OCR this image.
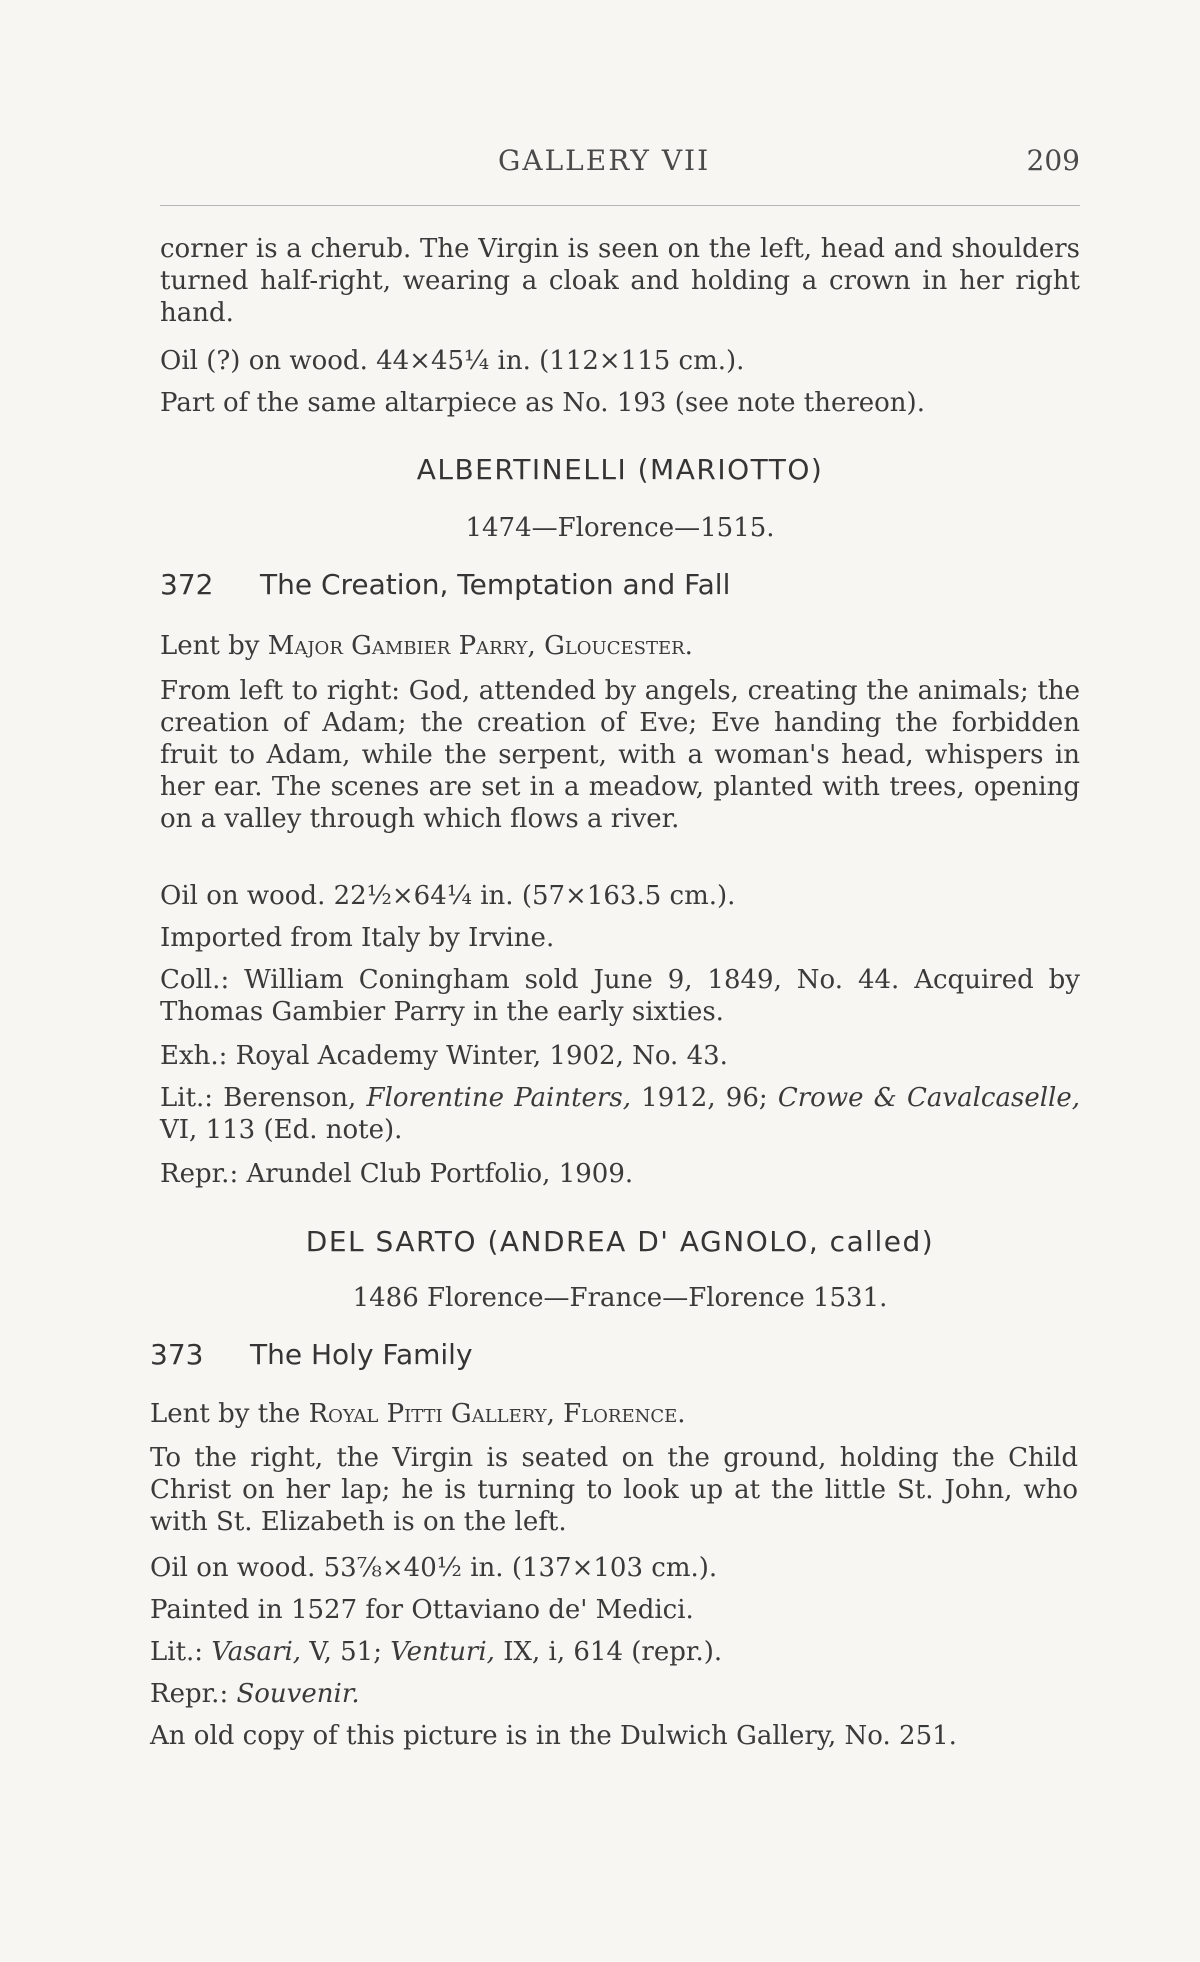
GALLERY VII	209

corner is a cherub. The Virgin is seen on the left, head and shoulders turned half-right, wearing a cloak and holding a crown in her right hand.

Oil (?) on wood. 44×45¼ in. (112×115 cm.).

Part of the same altarpiece as No. 193 (see note thereon).

ALBERTINELLI (MARIOTTO)

1474—Florence—1515.

372 The Creation, Temptation and Fall

Lent by Major Gambier Parry, Gloucester.

From left to right: God, attended by angels, creating the animals; the creation of Adam; the creation of Eve; Eve handing the forbidden fruit to Adam, while the serpent, with a woman's head, whispers in her ear. The scenes are set in a meadow, planted with trees, opening on a valley through which flows a river.

Oil on wood. 22½×64¼ in. (57×163.5 cm.).

Imported from Italy by Irvine.

Coll.: William Coningham sold June 9, 1849, No. 44. Acquired by Thomas Gambier Parry in the early sixties.

Exh.: Royal Academy Winter, 1902, No. 43.

Lit.: Berenson, Florentine Painters, 1912, 96; Crowe & Cavalcaselle, VI, 113 (Ed. note).

Repr.: Arundel Club Portfolio, 1909.

DEL SARTO (ANDREA D' AGNOLO, called)

1486 Florence—France—Florence 1531.

373 The Holy Family

Lent by the Royal Pitti Gallery, Florence.

To the right, the Virgin is seated on the ground, holding the Child Christ on her lap; he is turning to look up at the little St. John, who with St. Elizabeth is on the left.

Oil on wood. 53⅞×40½ in. (137×103 cm.).

Painted in 1527 for Ottaviano de' Medici.

Lit.: Vasari, V, 51; Venturi, IX, i, 614 (repr.).

Repr.: Souvenir.

An old copy of this picture is in the Dulwich Gallery, No. 251.
